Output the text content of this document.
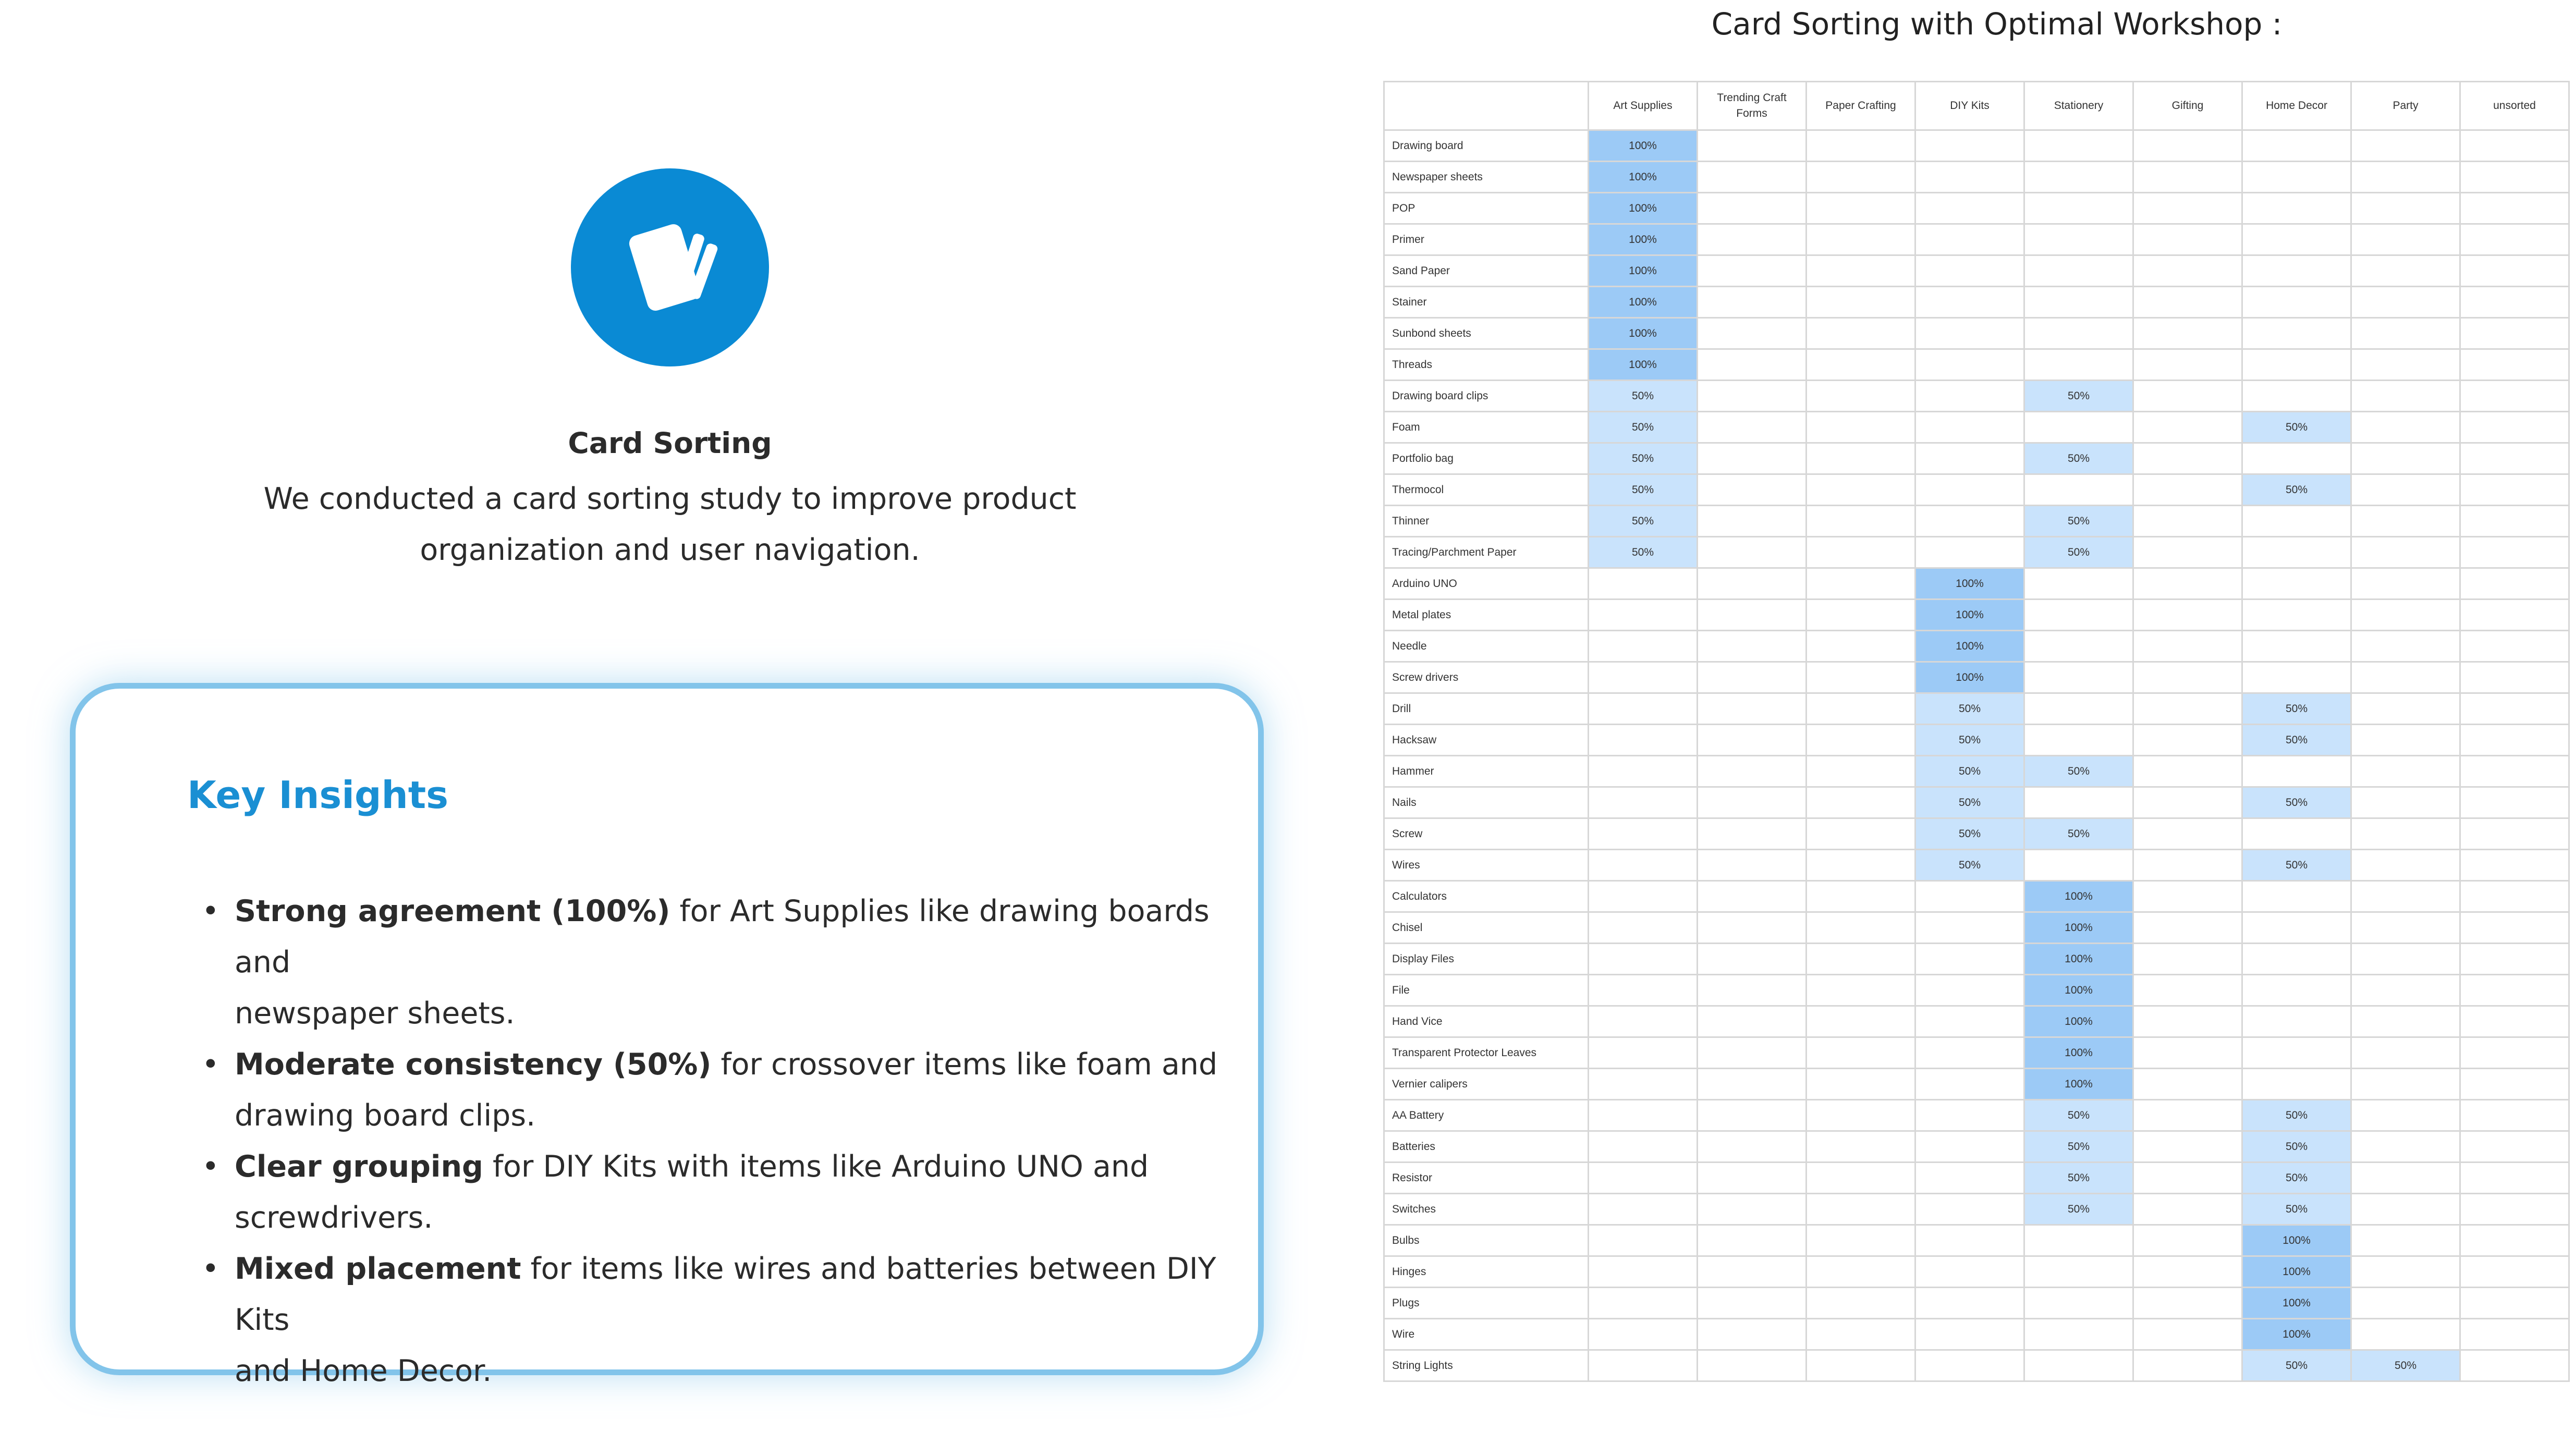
Card Sorting
We conducted a card sorting study to improve product
organization and user navigation.
Key Insights
• Strong agreement (100%) for Art Supplies like drawing boards and
newspaper sheets.
• Moderate consistency (50%) for crossover items like foam and
drawing board clips.
• Clear grouping for DIY Kits with items like Arduino UNO and
screwdrivers.
• Mixed placement for items like wires and batteries between DIY Kits
and Home Decor.
Card Sorting with Optimal Workshop :

	Art Supplies	Trending Craft
Forms	Paper Crafting	DIY Kits	Stationery	Gifting	Home Decor	Party	unsorted

Drawing board	100%								
Newspaper sheets	100%								
POP	100%								
Primer	100%								
Sand Paper	100%								
Stainer	100%								
Sunbond sheets	100%								
Threads	100%								
Drawing board clips	50%				50%				
Foam	50%						50%		
Portfolio bag	50%				50%				
Thermocol	50%						50%		
Thinner	50%				50%				
Tracing/Parchment Paper	50%				50%				
Arduino UNO				100%					
Metal plates				100%					
Needle				100%					
Screw drivers				100%					
Drill				50%			50%		
Hacksaw				50%			50%		
Hammer				50%	50%				
Nails				50%			50%		
Screw				50%	50%				
Wires				50%			50%		
Calculators					100%				
Chisel					100%				
Display Files					100%				
File					100%				
Hand Vice					100%				
Transparent Protector Leaves					100%				
Vernier calipers					100%				
AA Battery					50%		50%		
Batteries					50%		50%		
Resistor					50%		50%		
Switches					50%		50%		
Bulbs							100%		
Hinges							100%		
Plugs							100%		
Wire							100%		
String Lights							50%	50%	
